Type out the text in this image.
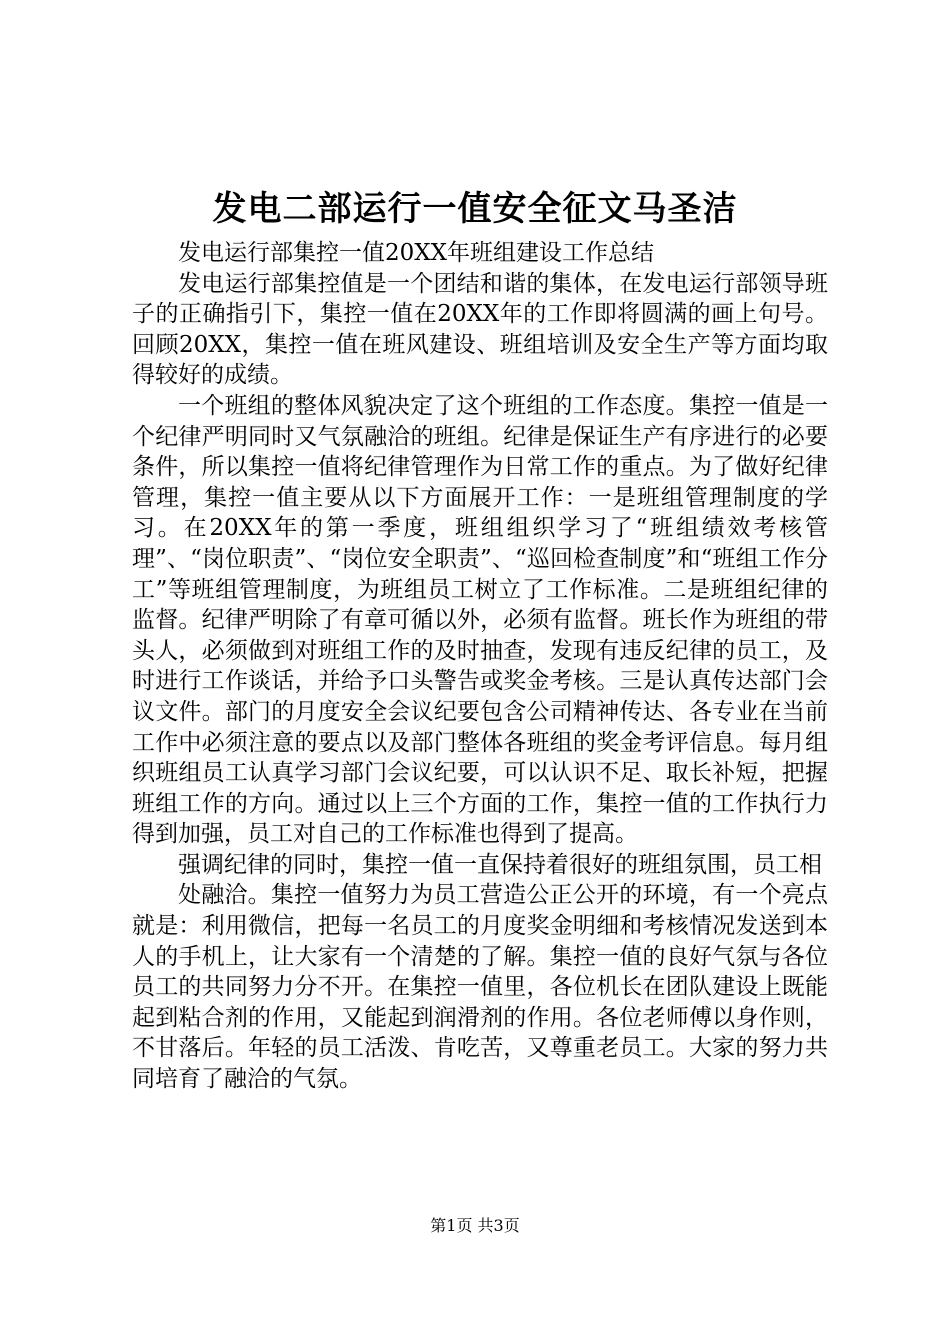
发电二部运行一值安全征文马圣洁

发电运行部集控一值20XX年班组建设工作总结

发电运行部集控值是一个团结和谐的集体，在发电运行部领导班子的正确指引下，集控一值在20XX年的工作即将圆满的画上句号。回顾20XX，集控一值在班风建设、班组培训及安全生产等方面均取得较好的成绩。

一个班组的整体风貌决定了这个班组的工作态度。集控一值是一个纪律严明同时又气氛融洽的班组。纪律是保证生产有序进行的必要条件，所以集控一值将纪律管理作为日常工作的重点。为了做好纪律管理，集控一值主要从以下方面展开工作：一是班组管理制度的学习。在20XX年的第一季度，班组组织学习了“班组绩效考核管理”、“岗位职责”、“岗位安全职责”、“巡回检查制度”和“班组工作分工”等班组管理制度，为班组员工树立了工作标准。二是班组纪律的监督。纪律严明除了有章可循以外，必须有监督。班长作为班组的带头人，必须做到对班组工作的及时抽查，发现有违反纪律的员工，及时进行工作谈话，并给予口头警告或奖金考核。三是认真传达部门会议文件。部门的月度安全会议纪要包含公司精神传达、各专业在当前工作中必须注意的要点以及部门整体各班组的奖金考评信息。每月组织班组员工认真学习部门会议纪要，可以认识不足、取长补短，把握班组工作的方向。通过以上三个方面的工作，集控一值的工作执行力得到加强，员工对自己的工作标准也得到了提高。

强调纪律的同时，集控一值一直保持着很好的班组氛围，员工相

处融洽。集控一值努力为员工营造公正公开的环境，有一个亮点就是：利用微信，把每一名员工的月度奖金明细和考核情况发送到本人的手机上，让大家有一个清楚的了解。集控一值的良好气氛与各位员工的共同努力分不开。在集控一值里，各位机长在团队建设上既能起到粘合剂的作用，又能起到润滑剂的作用。各位老师傅以身作则，不甘落后。年轻的员工活泼、肯吃苦，又尊重老员工。大家的努力共同培育了融洽的气氛。

第1页 共3页
